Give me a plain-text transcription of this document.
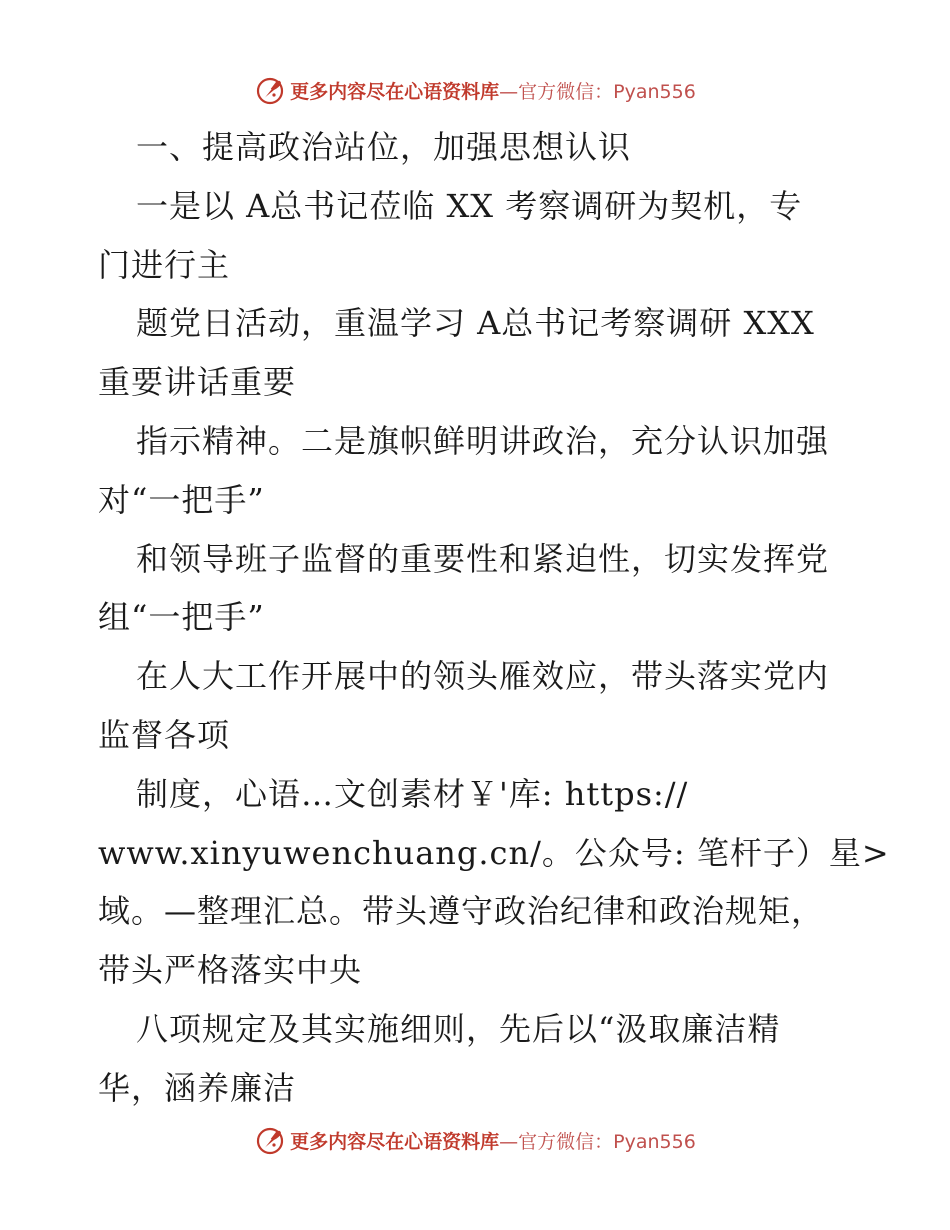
更多内容尽在心语资料库—官方微信：Pyan556
一、提高政治站位，加强思想认识
一是以 A总书记莅临 XX 考察调研为契机，专
门进行主
题党日活动，重温学习 A总书记考察调研 XXX
重要讲话重要
指示精神。二是旗帜鲜明讲政治，充分认识加强
对“一把手”
和领导班子监督的重要性和紧迫性，切实发挥党
组“一把手”
在人大工作开展中的领头雁效应，带头落实党内
监督各项
制度，心语…文创素材￥'库: https://
www.xinyuwenchuang.cn/。公众号: 笔杆子）星>
域。—整理汇总。带头遵守政治纪律和政治规矩，
带头严格落实中央
八项规定及其实施细则，先后以“汲取廉洁精
华，涵养廉洁
更多内容尽在心语资料库—官方微信：Pyan556
